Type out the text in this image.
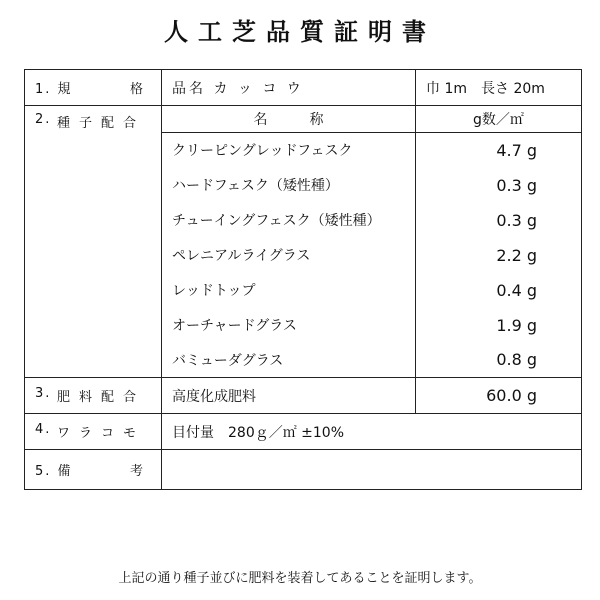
人工芝品質証明書
1. 規 格	品名 カ ッ コ ウ	巾 1m　長さ 20m

2. 種子配合	名　　　称	g数／㎡
	クリーピングレッドフェスク	4.7 g
	ハードフェスク（矮性種）	0.3 g
	チューイングフェスク（矮性種）	0.3 g
	ペレニアルライグラス	2.2 g
	レッドトップ	0.4 g
	オーチャードグラス	1.9 g
	バミューダグラス	0.8 g

3. 肥料配合	高度化成肥料	60.0 g

4. ワラコモ	目付量　280ｇ／㎡ ±10%	

5. 備 考		

上記の通り種子並びに肥料を装着してあることを証明します。
